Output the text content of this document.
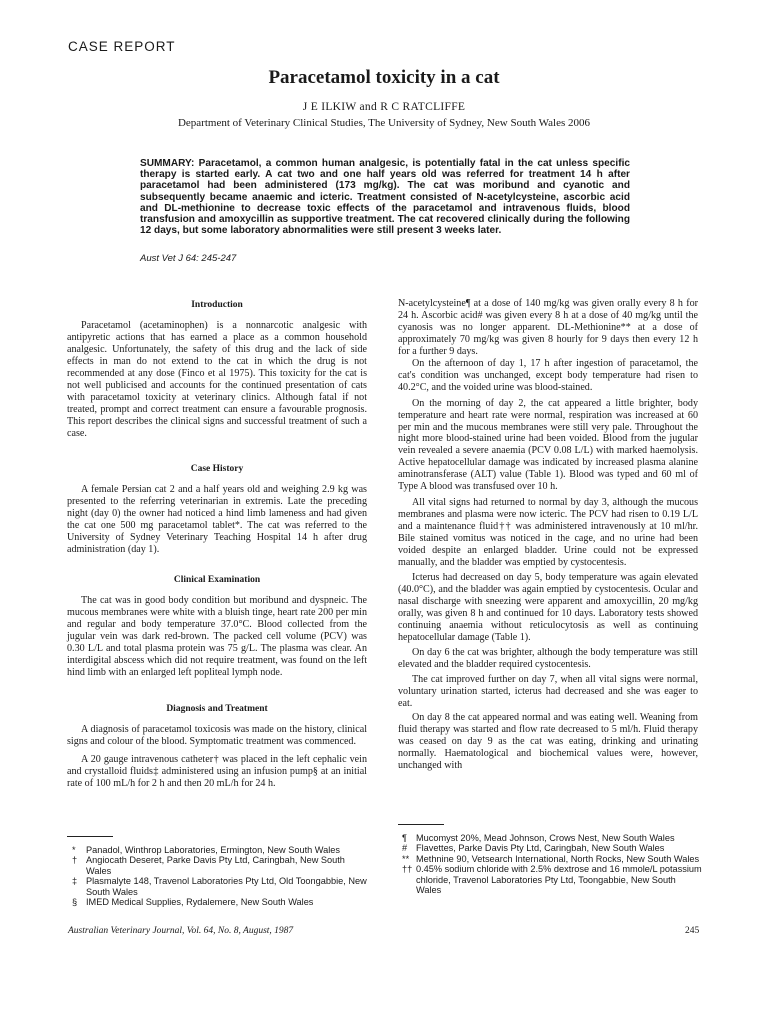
CASE REPORT
Paracetamol toxicity in a cat
J E ILKIW and R C RATCLIFFE
Department of Veterinary Clinical Studies, The University of Sydney, New South Wales 2006
SUMMARY: Paracetamol, a common human analgesic, is potentially fatal in the cat unless specific therapy is started early. A cat two and one half years old was referred for treatment 14 h after paracetamol had been administered (173 mg/kg). The cat was moribund and cyanotic and subsequently became anaemic and icteric. Treatment consisted of N-acetylcysteine, ascorbic acid and DL-methionine to decrease toxic effects of the paracetamol and intravenous fluids, blood transfusion and amoxycillin as supportive treatment. The cat recovered clinically during the following 12 days, but some laboratory abnormalities were still present 3 weeks later.
Aust Vet J 64: 245-247
Introduction

Paracetamol (acetaminophen) is a nonnarcotic analgesic with antipyretic actions that has earned a place as a common household analgesic. Unfortunately, the safety of this drug and the lack of side effects in man do not extend to the cat in which the drug is not recommended at any dose (Finco et al 1975). This toxicity for the cat is not well publicised and accounts for the continued presentation of cats with paracetamol toxicity at veterinary clinics. Although fatal if not treated, prompt and correct treatment can ensure a favourable prognosis. This report describes the clinical signs and successful treatment of such a case.

Case History

A female Persian cat 2 and a half years old and weighing 2.9 kg was presented to the referring veterinarian in extremis. Late the preceding night (day 0) the owner had noticed a hind limb lameness and had given the cat one 500 mg paracetamol tablet*. The cat was referred to the University of Sydney Veterinary Teaching Hospital 14 h after drug administration (day 1).

Clinical Examination

The cat was in good body condition but moribund and dyspneic. The mucous membranes were white with a bluish tinge, heart rate 200 per min and regular and body temperature 37.0°C. Blood collected from the jugular vein was dark red-brown. The packed cell volume (PCV) was 0.30 L/L and total plasma protein was 75 g/L. The plasma was clear. An interdigital abscess which did not require treatment, was found on the left hind limb with an enlarged left popliteal lymph node.

Diagnosis and Treatment

A diagnosis of paracetamol toxicosis was made on the history, clinical signs and colour of the blood. Symptomatic treatment was commenced.

A 20 gauge intravenous catheter† was placed in the left cephalic vein and crystalloid fluids‡ administered using an infusion pump§ at an initial rate of 100 mL/h for 2 h and then 20 mL/h for 24 h.

N-acetylcysteine¶ at a dose of 140 mg/kg was given orally every 8 h for 24 h. Ascorbic acid# was given every 8 h at a dose of 40 mg/kg until the cyanosis was no longer apparent. DL-Methionine** at a dose of approximately 70 mg/kg was given 8 hourly for 9 days then every 12 h for a further 9 days.

On the afternoon of day 1, 17 h after ingestion of paracetamol, the cat's condition was unchanged, except body temperature had risen to 40.2°C, and the voided urine was blood-stained.

On the morning of day 2, the cat appeared a little brighter, body temperature and heart rate were normal, respiration was increased at 60 per min and the mucous membranes were still very pale. Throughout the night more blood-stained urine had been voided. Blood from the jugular vein revealed a severe anaemia (PCV 0.08 L/L) with marked haemolysis. Active hepatocellular damage was indicated by increased plasma alanine aminotransferase (ALT) value (Table 1). Blood was typed and 60 ml of Type A blood was transfused over 10 h.

All vital signs had returned to normal by day 3, although the mucous membranes and plasma were now icteric. The PCV had risen to 0.19 L/L and a maintenance fluid†† was administered intravenously at 10 ml/hr. Bile stained vomitus was noticed in the cage, and no urine had been voided despite an enlarged bladder. Urine could not be expressed manually, and the bladder was emptied by cystocentesis.

Icterus had decreased on day 5, body temperature was again elevated (40.0°C), and the bladder was again emptied by cystocentesis. Ocular and nasal discharge with sneezing were apparent and amoxycillin, 20 mg/kg orally, was given 8 h and continued for 10 days. Laboratory tests showed continuing anaemia without reticulocytosis as well as continuing hepatocellular damage (Table 1).

On day 6 the cat was brighter, although the body temperature was still elevated and the bladder required cystocentesis.

The cat improved further on day 7, when all vital signs were normal, voluntary urination started, icterus had decreased and she was eager to eat.

On day 8 the cat appeared normal and was eating well. Weaning from fluid therapy was started and flow rate decreased to 5 ml/h. Fluid therapy was ceased on day 9 as the cat was eating, drinking and urinating normally. Haematological and biochemical values were, however, unchanged with

*	Panadol, Winthrop Laboratories, Ermington, New South Wales
† Angiocath Deseret, Parke Davis Pty Ltd, Caringbah, New South Wales
‡ Plasmalyte 148, Travenol Laboratories Pty Ltd, Old Toongabbie, New South Wales
§ IMED Medical Supplies, Rydalemere, New South Wales
¶ Mucomyst 20%, Mead Johnson, Crows Nest, New South Wales
# Flavettes, Parke Davis Pty Ltd, Caringbah, New South Wales
** Methnine 90, Vetsearch International, North Rocks, New South Wales
†† 0.45% sodium chloride with 2.5% dextrose and 16 mmole/L potassium chloride, Travenol Laboratories Pty Ltd, Toongabbie, New South Wales
Australian Veterinary Journal, Vol. 64, No. 8, August, 1987	245
